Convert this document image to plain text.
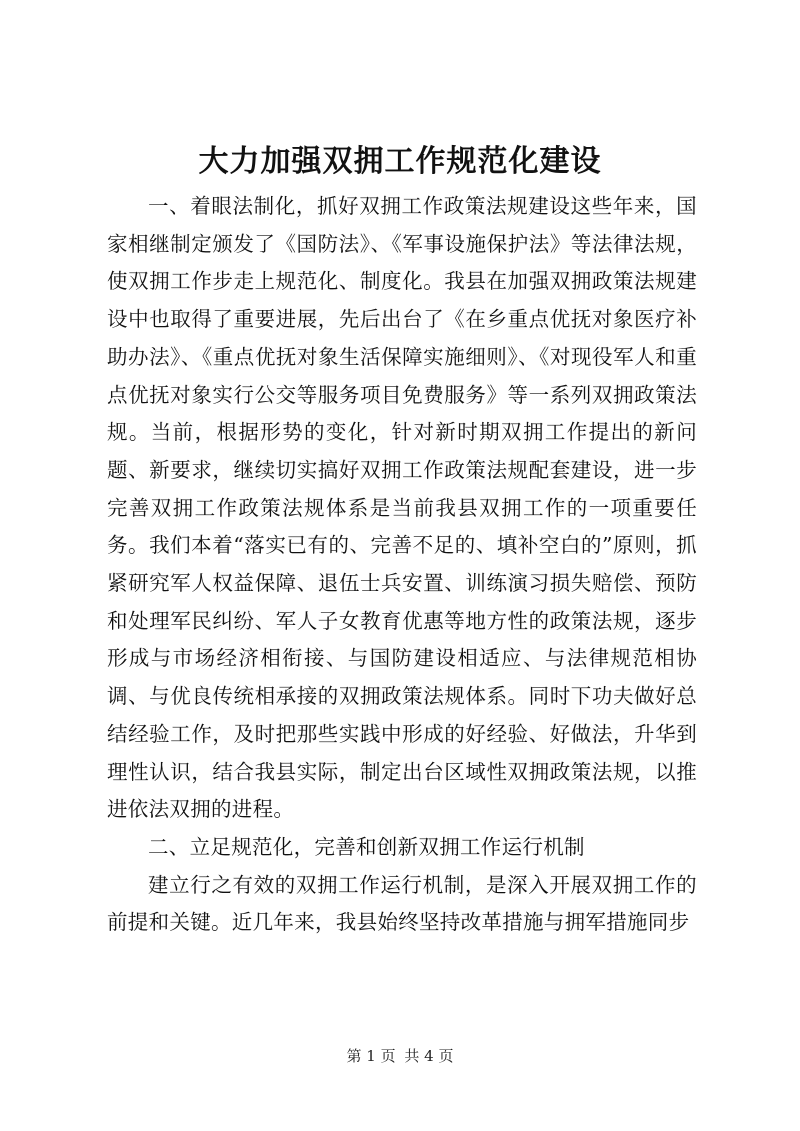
大力加强双拥工作规范化建设

一、着眼法制化，抓好双拥工作政策法规建设这些年来，国家相继制定颁发了《国防法》、《军事设施保护法》等法律法规，使双拥工作步走上规范化、制度化。我县在加强双拥政策法规建设中也取得了重要进展，先后出台了《在乡重点优抚对象医疗补助办法》、《重点优抚对象生活保障实施细则》、《对现役军人和重点优抚对象实行公交等服务项目免费服务》等一系列双拥政策法规。当前，根据形势的变化，针对新时期双拥工作提出的新问题、新要求，继续切实搞好双拥工作政策法规配套建设，进一步完善双拥工作政策法规体系是当前我县双拥工作的一项重要任务。我们本着“落实已有的、完善不足的、填补空白的”原则，抓紧研究军人权益保障、退伍士兵安置、训练演习损失赔偿、预防和处理军民纠纷、军人子女教育优惠等地方性的政策法规，逐步形成与市场经济相衔接、与国防建设相适应、与法律规范相协调、与优良传统相承接的双拥政策法规体系。同时下功夫做好总结经验工作，及时把那些实践中形成的好经验、好做法，升华到理性认识，结合我县实际，制定出台区域性双拥政策法规，以推进依法双拥的进程。

二、立足规范化，完善和创新双拥工作运行机制

建立行之有效的双拥工作运行机制，是深入开展双拥工作的前提和关键。近几年来，我县始终坚持改革措施与拥军措施同步

第 1 页 共 4 页
